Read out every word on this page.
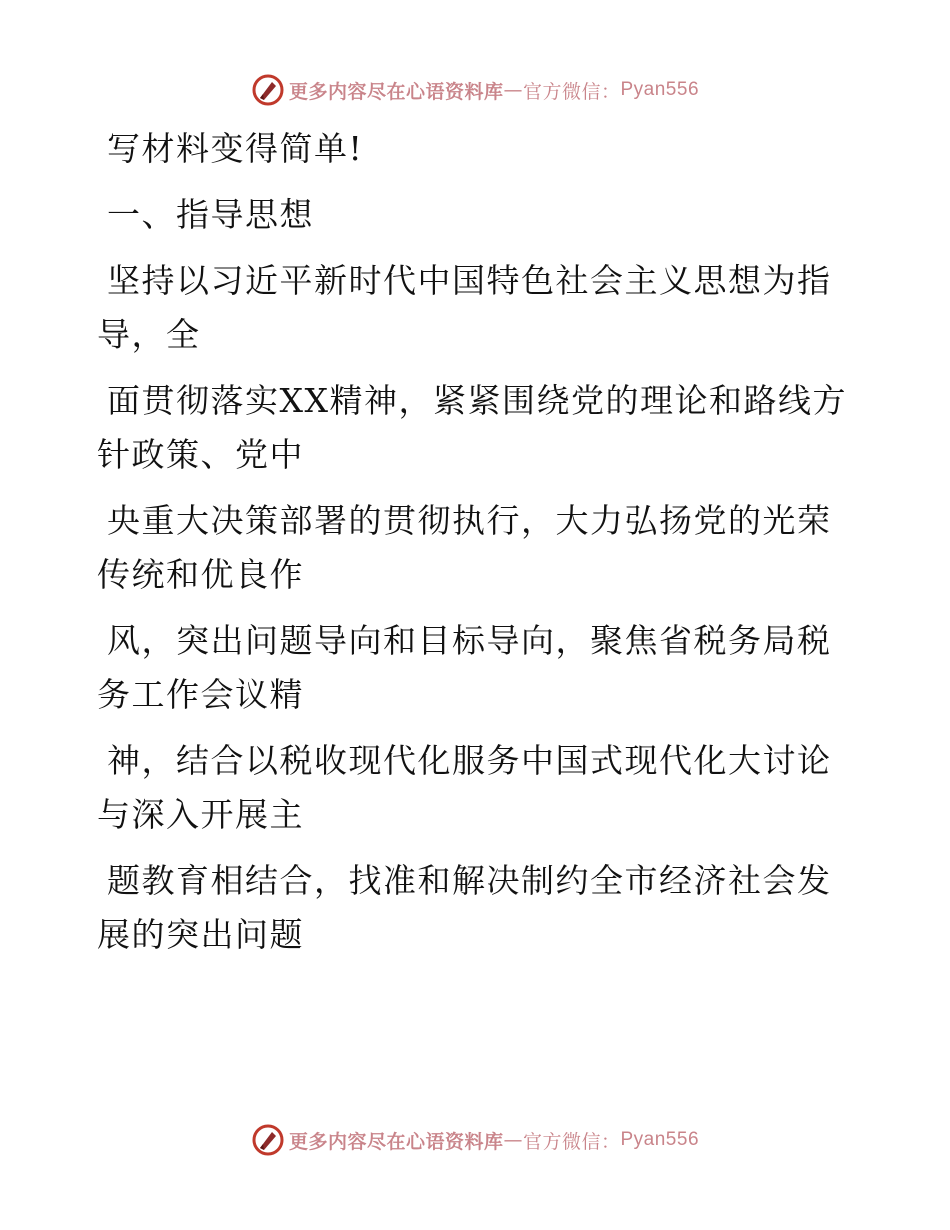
更多内容尽在心语资料库 — 官方微信： Pyan556
写材料变得简单!
一、指导思想
坚持以习近平新时代中国特色社会主义思想为指
导，全
面贯彻落实XX精神，紧紧围绕党的理论和路线方
针政策、党中
央重大决策部署的贯彻执行，大力弘扬党的光荣
传统和优良作
风，突出问题导向和目标导向，聚焦省税务局税
务工作会议精
神，结合以税收现代化服务中国式现代化大讨论
与深入开展主
题教育相结合，找准和解决制约全市经济社会发
展的突出问题
更多内容尽在心语资料库 — 官方微信： Pyan556
